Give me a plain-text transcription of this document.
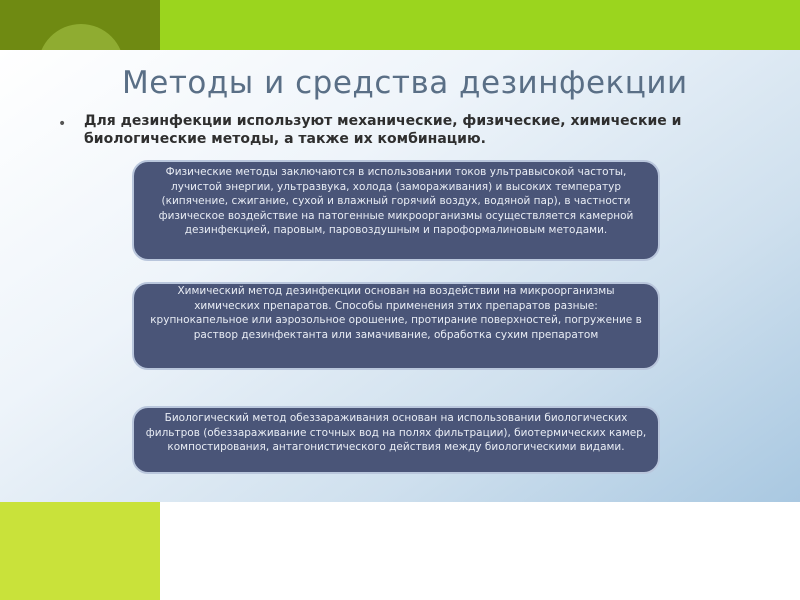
Методы и средства дезинфекции
• Для дезинфекции используют механические, физические, химические и биологические методы, а также их комбинацию.
Физические методы заключаются в использовании токов ультравысокой частоты, лучистой энергии, ультразвука, холода (замораживания) и высоких температур (кипячение, сжигание, сухой и влажный горячий воздух, водяной пар), в частности физическое воздействие на патогенные микроорганизмы осуществляется камерной дезинфекцией, паровым, паровоздушным и пароформалиновым методами.
Химический метод дезинфекции основан на воздействии на микроорганизмы химических препаратов. Способы применения этих препаратов разные: крупнокапельное или аэрозольное орошение, протирание поверхностей, погружение в раствор дезинфектанта или замачивание, обработка сухим препаратом
Биологический метод обеззараживания основан на использовании биологических фильтров (обеззараживание сточных вод на полях фильтрации), биотермических камер, компостирования, антагонистического действия между биологическими видами.
